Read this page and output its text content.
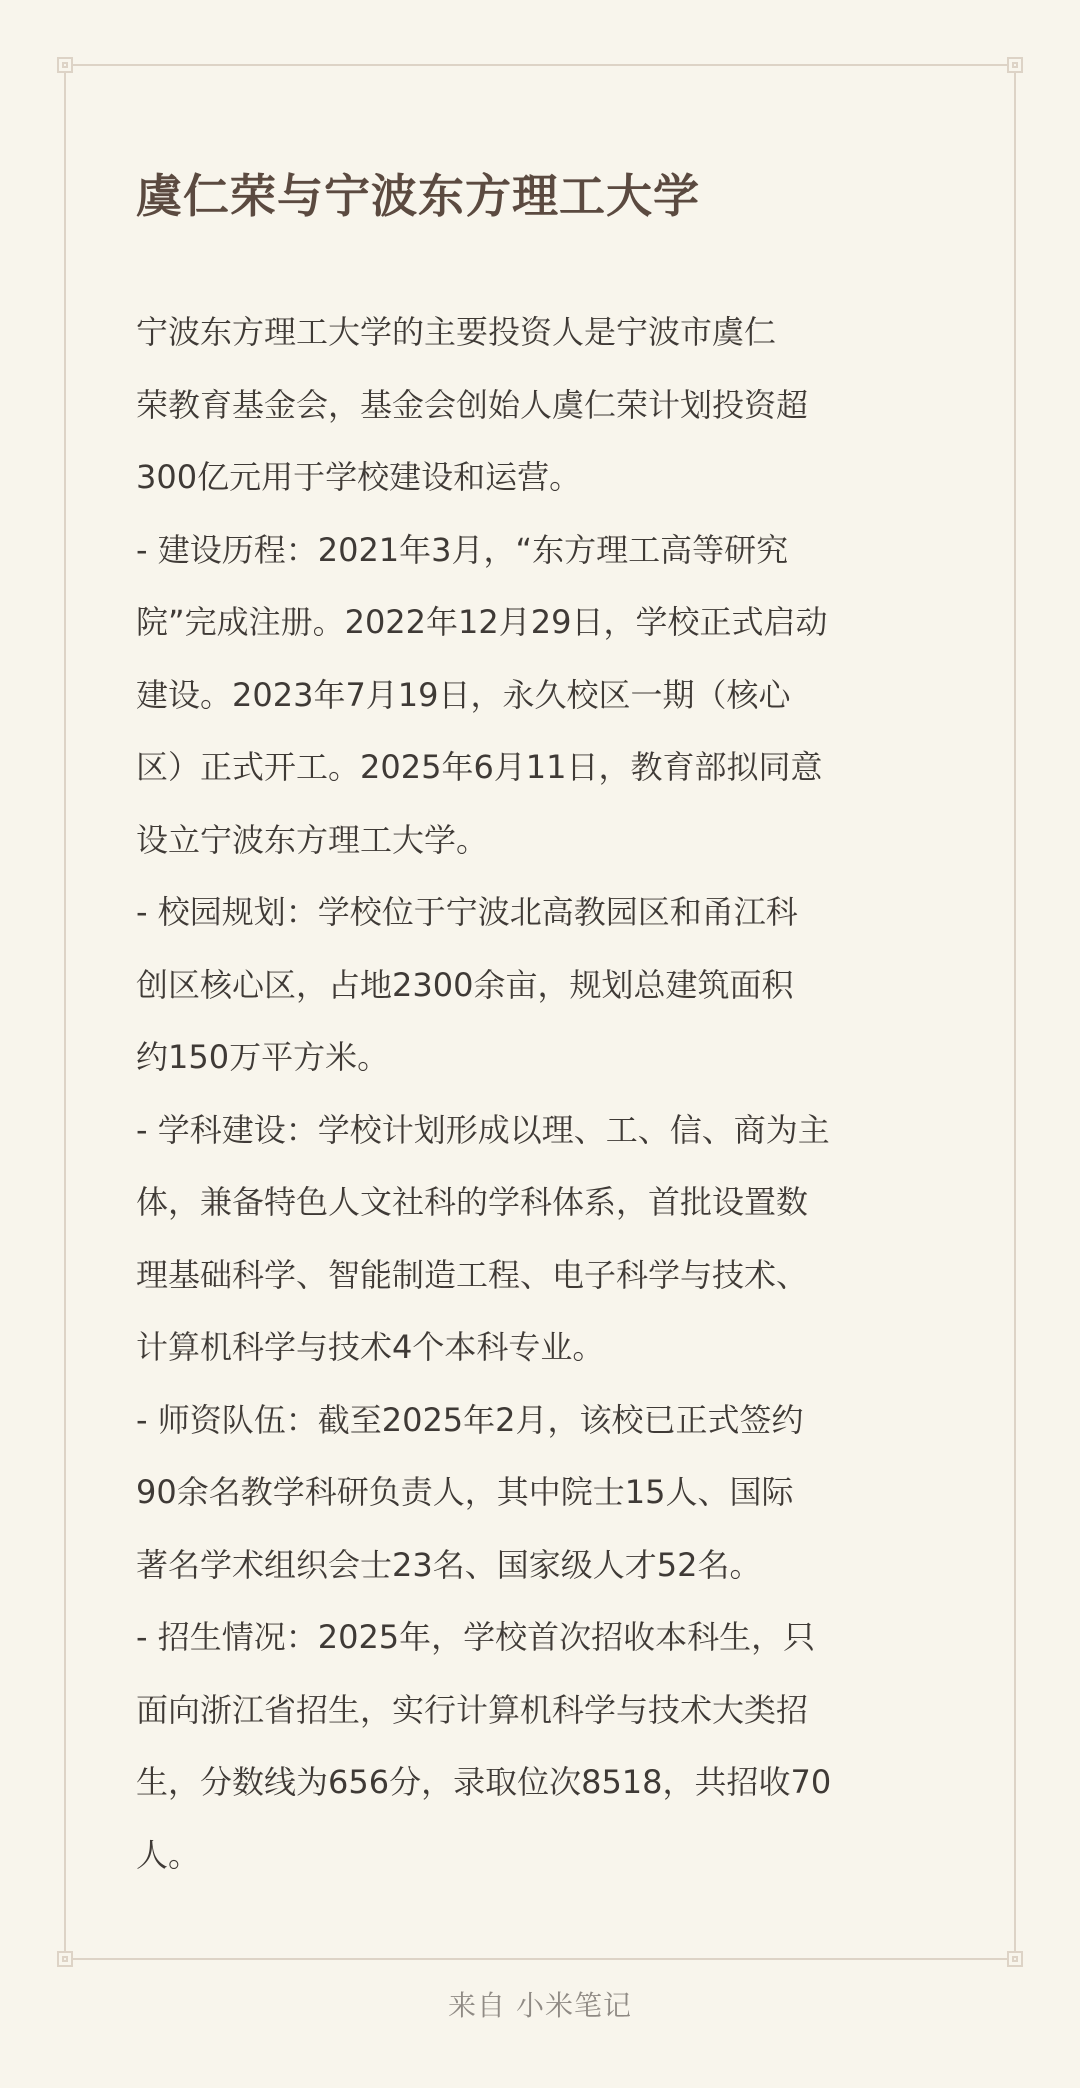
虞仁荣与宁波东方理工大学

宁波东方理工大学的主要投资人是宁波市虞仁
荣教育基金会，基金会创始人虞仁荣计划投资超
300亿元用于学校建设和运营。

- 建设历程：2021年3月，“东方理工高等研究
院”完成注册。2022年12月29日，学校正式启动
建设。2023年7月19日，永久校区一期（核心
区）正式开工。2025年6月11日，教育部拟同意
设立宁波东方理工大学。

- 校园规划：学校位于宁波北高教园区和甬江科
创区核心区，占地2300余亩，规划总建筑面积
约150万平方米。

- 学科建设：学校计划形成以理、工、信、商为主
体，兼备特色人文社科的学科体系，首批设置数
理基础科学、智能制造工程、电子科学与技术、
计算机科学与技术4个本科专业。

- 师资队伍：截至2025年2月，该校已正式签约
90余名教学科研负责人，其中院士15人、国际
著名学术组织会士23名、国家级人才52名。

- 招生情况：2025年，学校首次招收本科生，只
面向浙江省招生，实行计算机科学与技术大类招
生，分数线为656分，录取位次8518，共招收70
人。

来自 小米笔记
